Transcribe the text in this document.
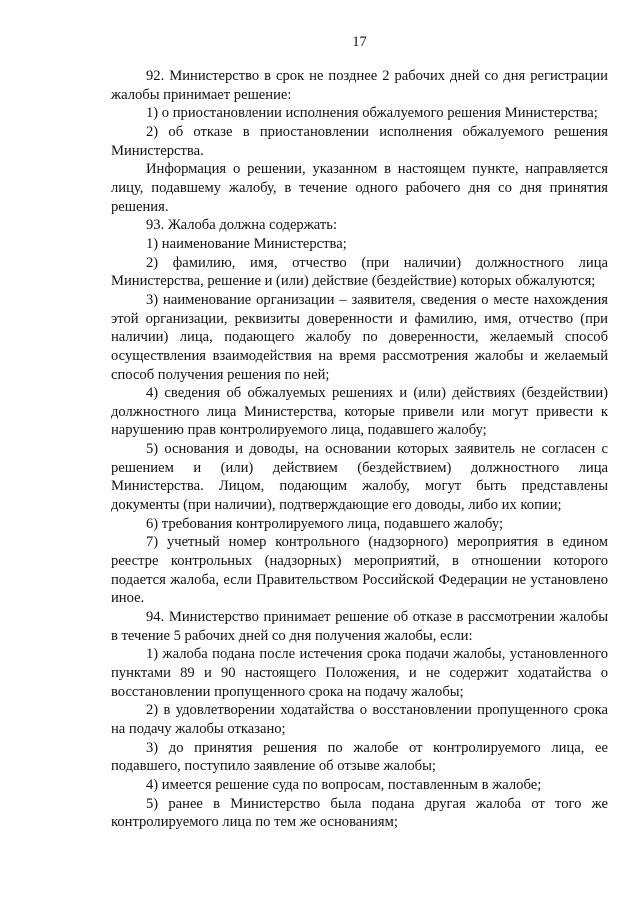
17

92. Министерство в срок не позднее 2 рабочих дней со дня регистрации жалобы принимает решение:

1) о приостановлении исполнения обжалуемого решения Министерства;

2) об отказе в приостановлении исполнения обжалуемого решения Министерства.

Информация о решении, указанном в настоящем пункте, направляется лицу, подавшему жалобу, в течение одного рабочего дня со дня принятия решения.

93. Жалоба должна содержать:

1) наименование Министерства;

2) фамилию, имя, отчество (при наличии) должностного лица Министерства, решение и (или) действие (бездействие) которых обжалуются;

3) наименование организации – заявителя, сведения о месте нахождения этой организации, реквизиты доверенности и фамилию, имя, отчество (при наличии) лица, подающего жалобу по доверенности, желаемый способ осуществления взаимодействия на время рассмотрения жалобы и желаемый способ получения решения по ней;

4) сведения об обжалуемых решениях и (или) действиях (бездействии) должностного лица Министерства, которые привели или могут привести к нарушению прав контролируемого лица, подавшего жалобу;

5) основания и доводы, на основании которых заявитель не согласен с решением и (или) действием (бездействием) должностного лица Министерства. Лицом, подающим жалобу, могут быть представлены документы (при наличии), подтверждающие его доводы, либо их копии;

6) требования контролируемого лица, подавшего жалобу;

7) учетный номер контрольного (надзорного) мероприятия в едином реестре контрольных (надзорных) мероприятий, в отношении которого подается жалоба, если Правительством Российской Федерации не установлено иное.

94. Министерство принимает решение об отказе в рассмотрении жалобы в течение 5 рабочих дней со дня получения жалобы, если:

1) жалоба подана после истечения срока подачи жалобы, установленного пунктами 89 и 90 настоящего Положения, и не содержит ходатайства о восстановлении пропущенного срока на подачу жалобы;

2) в удовлетворении ходатайства о восстановлении пропущенного срока на подачу жалобы отказано;

3) до принятия решения по жалобе от контролируемого лица, ее подавшего, поступило заявление об отзыве жалобы;

4) имеется решение суда по вопросам, поставленным в жалобе;

5) ранее в Министерство была подана другая жалоба от того же контролируемого лица по тем же основаниям;
